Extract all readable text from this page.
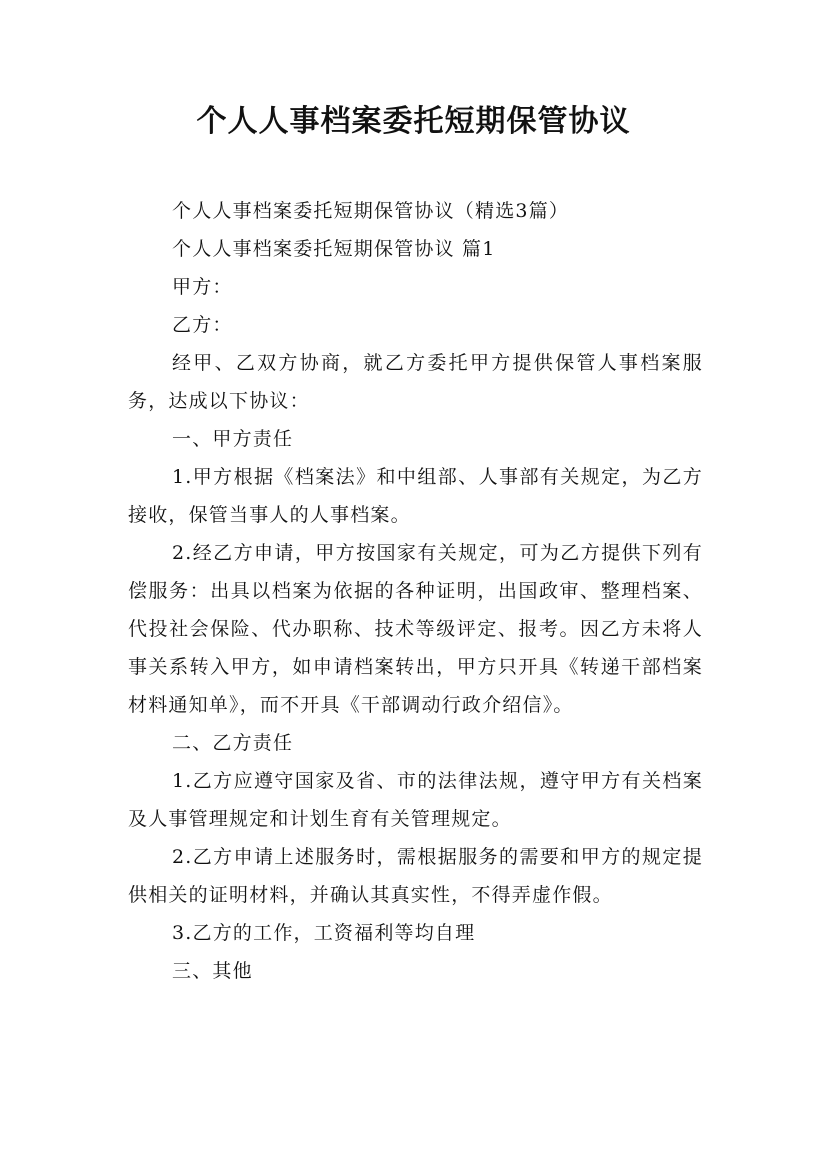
个人人事档案委托短期保管协议

个人人事档案委托短期保管协议（精选3篇）

个人人事档案委托短期保管协议 篇1

甲方：

乙方：

经甲、乙双方协商，就乙方委托甲方提供保管人事档案服务，达成以下协议：

一、甲方责任

1.甲方根据《档案法》和中组部、人事部有关规定，为乙方接收，保管当事人的人事档案。

2.经乙方申请，甲方按国家有关规定，可为乙方提供下列有偿服务：出具以档案为依据的各种证明，出国政审、整理档案、代投社会保险、代办职称、技术等级评定、报考。因乙方未将人事关系转入甲方，如申请档案转出，甲方只开具《转递干部档案材料通知单》，而不开具《干部调动行政介绍信》。

二、乙方责任

1.乙方应遵守国家及省、市的法律法规，遵守甲方有关档案及人事管理规定和计划生育有关管理规定。

2.乙方申请上述服务时，需根据服务的需要和甲方的规定提供相关的证明材料，并确认其真实性，不得弄虚作假。

3.乙方的工作，工资福利等均自理

三、其他
